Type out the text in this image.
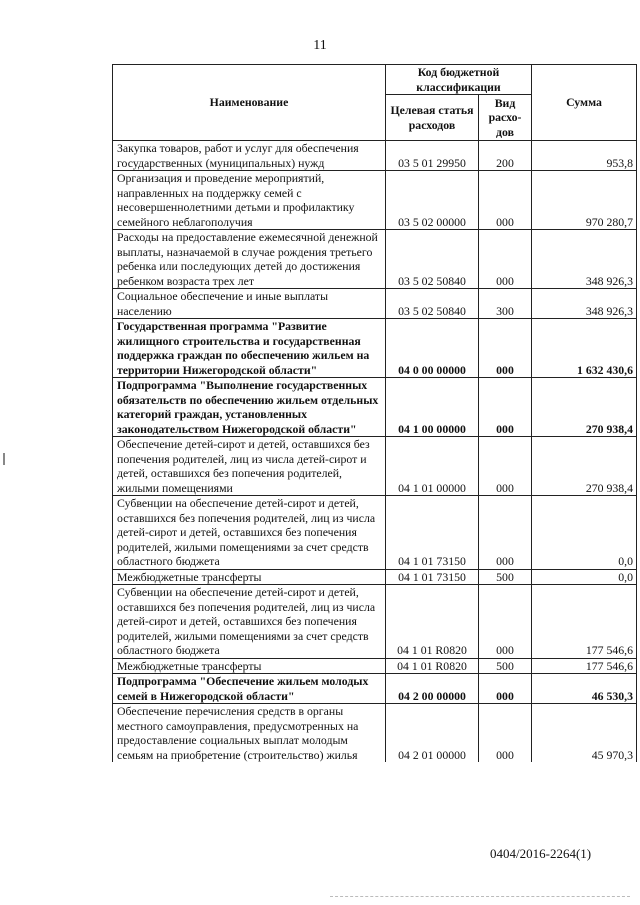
11
Наименование	Код бюджетной классификации		Сумма
	Целевая статья расходов	Вид расхо-дов	
Закупка товаров, работ и услуг для обеспечения государственных (муниципальных) нужд	03 5 01 29950	200	953,8
Организация и проведение мероприятий, направленных на поддержку семей с несовершеннолетними детьми и профилактику семейного неблагополучия	03 5 02 00000	000	970 280,7
Расходы на предоставление ежемесячной денежной выплаты, назначаемой в случае рождения третьего ребенка или последующих детей до достижения ребенком возраста трех лет	03 5 02 50840	000	348 926,3
Социальное обеспечение и иные выплаты населению	03 5 02 50840	300	348 926,3
Государственная программа "Развитие жилищного строительства и государственная поддержка граждан по обеспечению жильем на территории Нижегородской области"	04 0 00 00000	000	1 632 430,6
Подпрограмма "Выполнение государственных обязательств по обеспечению жильем отдельных категорий граждан, установленных законодательством Нижегородской области"	04 1 00 00000	000	270 938,4
Обеспечение детей-сирот и детей, оставшихся без попечения родителей, лиц из числа детей-сирот и детей, оставшихся без попечения родителей, жилыми помещениями	04 1 01 00000	000	270 938,4
Субвенции на обеспечение детей-сирот и детей, оставшихся без попечения родителей, лиц из числа детей-сирот и детей, оставшихся без попечения родителей, жилыми помещениями за счет средств областного бюджета	04 1 01 73150	000	0,0
Межбюджетные трансферты	04 1 01 73150	500	0,0
Субвенции на обеспечение детей-сирот и детей, оставшихся без попечения родителей, лиц из числа детей-сирот и детей, оставшихся без попечения родителей, жилыми помещениями за счет средств областного бюджета	04 1 01 R0820	000	177 546,6
Межбюджетные трансферты	04 1 01 R0820	500	177 546,6
Подпрограмма "Обеспечение жильем молодых семей в Нижегородской области"	04 2 00 00000	000	46 530,3
Обеспечение перечисления средств в органы местного самоуправления, предусмотренных на предоставление социальных выплат молодым семьям на приобретение (строительство) жилья	04 2 01 00000	000	45 970,3
0404/2016-2264(1)
